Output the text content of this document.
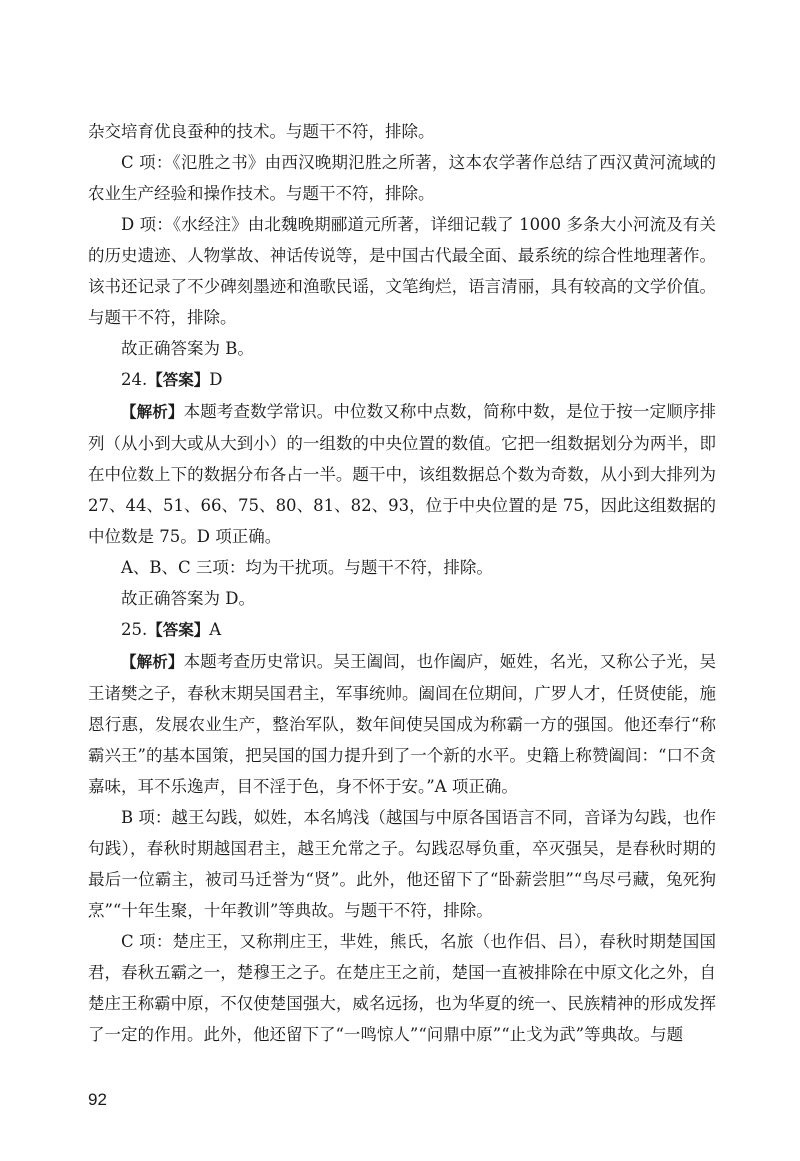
杂交培育优良蚕种的技术。与题干不符，排除。

C 项：《氾胜之书》由西汉晚期氾胜之所著，这本农学著作总结了西汉黄河流域的农业生产经验和操作技术。与题干不符，排除。

D 项：《水经注》由北魏晚期郦道元所著，详细记载了 1000 多条大小河流及有关的历史遗迹、人物掌故、神话传说等，是中国古代最全面、最系统的综合性地理著作。该书还记录了不少碑刻墨迹和渔歌民谣，文笔绚烂，语言清丽，具有较高的文学价值。与题干不符，排除。

故正确答案为 B。

24.【答案】D

【解析】本题考查数学常识。中位数又称中点数，简称中数，是位于按一定顺序排列（从小到大或从大到小）的一组数的中央位置的数值。它把一组数据划分为两半，即在中位数上下的数据分布各占一半。题干中，该组数据总个数为奇数，从小到大排列为 27、44、51、66、75、80、81、82、93，位于中央位置的是 75，因此这组数据的中位数是 75。D 项正确。

A、B、C 三项：均为干扰项。与题干不符，排除。

故正确答案为 D。

25.【答案】A

【解析】本题考查历史常识。吴王阖闾，也作阖庐，姬姓，名光，又称公子光，吴王诸樊之子，春秋末期吴国君主，军事统帅。阖闾在位期间，广罗人才，任贤使能，施恩行惠，发展农业生产，整治军队，数年间使吴国成为称霸一方的强国。他还奉行“称霸兴王”的基本国策，把吴国的国力提升到了一个新的水平。史籍上称赞阖闾：“口不贪嘉味，耳不乐逸声，目不淫于色，身不怀于安。”A 项正确。

B 项：越王勾践，姒姓，本名鸠浅（越国与中原各国语言不同，音译为勾践，也作句践），春秋时期越国君主，越王允常之子。勾践忍辱负重，卒灭强吴，是春秋时期的最后一位霸主，被司马迁誉为“贤”。此外，他还留下了“卧薪尝胆”“鸟尽弓藏，兔死狗烹”“十年生聚，十年教训”等典故。与题干不符，排除。

C 项：楚庄王，又称荆庄王，芈姓，熊氏，名旅（也作侣、吕），春秋时期楚国国君，春秋五霸之一，楚穆王之子。在楚庄王之前，楚国一直被排除在中原文化之外，自楚庄王称霸中原，不仅使楚国强大，威名远扬，也为华夏的统一、民族精神的形成发挥了一定的作用。此外，他还留下了“一鸣惊人”“问鼎中原”“止戈为武”等典故。与题

92
